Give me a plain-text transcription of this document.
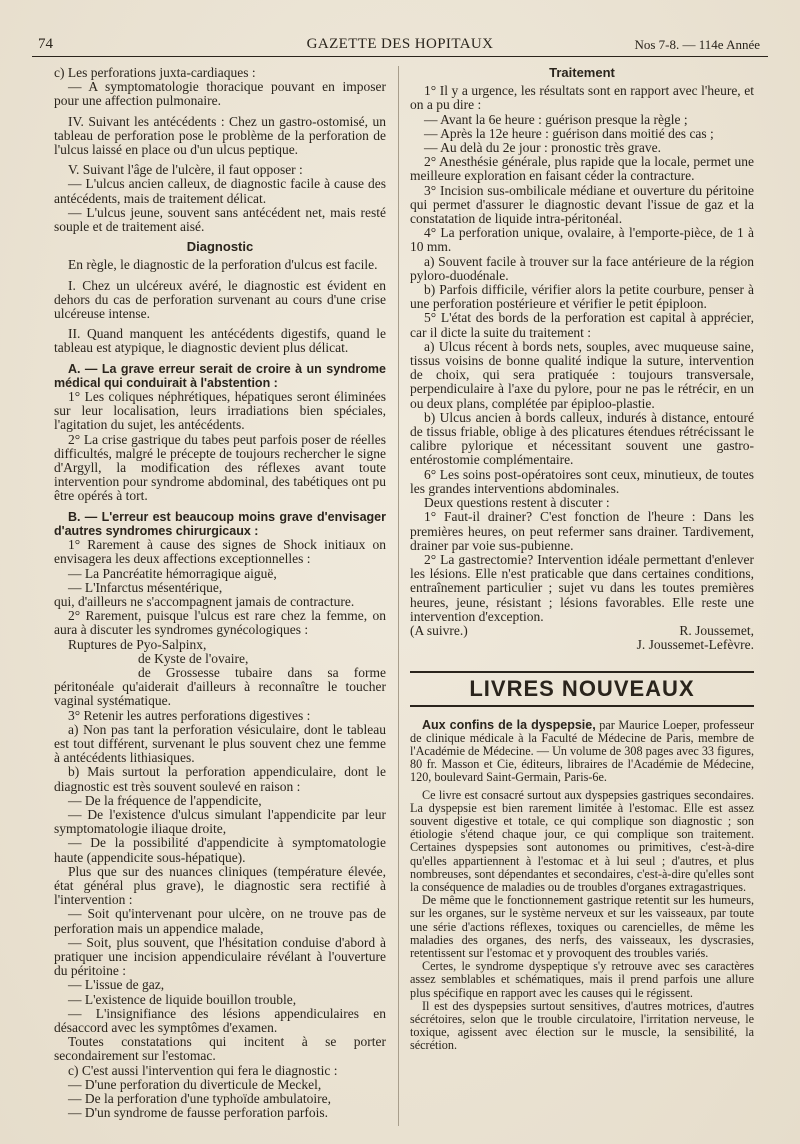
74	GAZETTE DES HOPITAUX	Nos 7-8. — 114e Année

c) Les perforations juxta-cardiaques :

— A symptomatologie thoracique pouvant en imposer pour une affection pulmonaire.

IV. Suivant les antécédents : Chez un gastro-ostomisé, un tableau de perforation pose le problème de la perforation de l'ulcus laissé en place ou d'un ulcus peptique.

V. Suivant l'âge de l'ulcère, il faut opposer :

— L'ulcus ancien calleux, de diagnostic facile à cause des antécédents, mais de traitement délicat.

— L'ulcus jeune, souvent sans antécédent net, mais resté souple et de traitement aisé.

Diagnostic

En règle, le diagnostic de la perforation d'ulcus est facile.

I. Chez un ulcéreux avéré, le diagnostic est évident en dehors du cas de perforation survenant au cours d'une crise ulcéreuse intense.

II. Quand manquent les antécédents digestifs, quand le tableau est atypique, le diagnostic devient plus délicat.

A. — La grave erreur serait de croire à un syndrome médical qui conduirait à l'abstention :

1° Les coliques néphrétiques, hépatiques seront éliminées sur leur localisation, leurs irradiations bien spéciales, l'agitation du sujet, les antécédents.

2° La crise gastrique du tabes peut parfois poser de réelles difficultés, malgré le précepte de toujours rechercher le signe d'Argyll, la modification des réflexes avant toute intervention pour syndrome abdominal, des tabétiques ont pu être opérés à tort.

B. — L'erreur est beaucoup moins grave d'envisager d'autres syndromes chirurgicaux :

1° Rarement à cause des signes de Shock initiaux on envisagera les deux affections exceptionnelles :

— La Pancréatite hémorragique aiguë,

— L'Infarctus mésentérique,

qui, d'ailleurs ne s'accompagnent jamais de contracture.

2° Rarement, puisque l'ulcus est rare chez la femme, on aura à discuter les syndromes gynécologiques :

Ruptures de Pyo-Salpinx,

de Kyste de l'ovaire,

de Grossesse tubaire dans sa forme péritonéale qu'aiderait d'ailleurs à reconnaître le toucher vaginal systématique.

3° Retenir les autres perforations digestives :

a) Non pas tant la perforation vésiculaire, dont le tableau est tout différent, survenant le plus souvent chez une femme à antécédents lithiasiques.

b) Mais surtout la perforation appendiculaire, dont le diagnostic est très souvent soulevé en raison :

— De la fréquence de l'appendicite,

— De l'existence d'ulcus simulant l'appendicite par leur symptomatologie iliaque droite,

— De la possibilité d'appendicite à symptomatologie haute (appendicite sous-hépatique).

Plus que sur des nuances cliniques (température élevée, état général plus grave), le diagnostic sera rectifié à l'intervention :

— Soit qu'intervenant pour ulcère, on ne trouve pas de perforation mais un appendice malade,

— Soit, plus souvent, que l'hésitation conduise d'abord à pratiquer une incision appendiculaire révélant à l'ouverture du péritoine :

— L'issue de gaz,

— L'existence de liquide bouillon trouble,

— L'insignifiance des lésions appendiculaires en désaccord avec les symptômes d'examen.

Toutes constatations qui incitent à se porter secondairement sur l'estomac.

c) C'est aussi l'intervention qui fera le diagnostic :

— D'une perforation du diverticule de Meckel,

— De la perforation d'une typhoïde ambulatoire,

— D'un syndrome de fausse perforation parfois.

Traitement

1° Il y a urgence, les résultats sont en rapport avec l'heure, et on a pu dire :

— Avant la 6e heure : guérison presque la règle ;

— Après la 12e heure : guérison dans moitié des cas ;

— Au delà du 2e jour : pronostic très grave.

2° Anesthésie générale, plus rapide que la locale, permet une meilleure exploration en faisant céder la contracture.

3° Incision sus-ombilicale médiane et ouverture du péritoine qui permet d'assurer le diagnostic devant l'issue de gaz et la constatation de liquide intra-péritonéal.

4° La perforation unique, ovalaire, à l'emporte-pièce, de 1 à 10 mm.

a) Souvent facile à trouver sur la face antérieure de la région pyloro-duodénale.

b) Parfois difficile, vérifier alors la petite courbure, penser à une perforation postérieure et vérifier le petit épiploon.

5° L'état des bords de la perforation est capital à apprécier, car il dicte la suite du traitement :

a) Ulcus récent à bords nets, souples, avec muqueuse saine, tissus voisins de bonne qualité indique la suture, intervention de choix, qui sera pratiquée : toujours transversale, perpendiculaire à l'axe du pylore, pour ne pas le rétrécir, en un ou deux plans, complétée par épiploo-plastie.

b) Ulcus ancien à bords calleux, indurés à distance, entouré de tissus friable, oblige à des plicatures étendues rétrécissant le calibre pylorique et nécessitant souvent une gastro-entérostomie complémentaire.

6° Les soins post-opératoires sont ceux, minutieux, de toutes les grandes interventions abdominales.

Deux questions restent à discuter :

1° Faut-il drainer? C'est fonction de l'heure : Dans les premières heures, on peut refermer sans drainer. Tardivement, drainer par voie sus-pubienne.

2° La gastrectomie? Intervention idéale permettant d'enlever les lésions. Elle n'est praticable que dans certaines conditions, entraînement particulier ; sujet vu dans les toutes premières heures, jeune, résistant ; lésions favorables. Elle reste une intervention d'exception.

(A suivre.)	R. Joussemet,

J. Joussemet-Lefèvre.

LIVRES NOUVEAUX

Aux confins de la dyspepsie, par Maurice Loeper, professeur de clinique médicale à la Faculté de Médecine de Paris, membre de l'Académie de Médecine. — Un volume de 308 pages avec 33 figures, 80 fr. Masson et Cie, éditeurs, libraires de l'Académie de Médecine, 120, boulevard Saint-Germain, Paris-6e.

Ce livre est consacré surtout aux dyspepsies gastriques secondaires. La dyspepsie est bien rarement limitée à l'estomac. Elle est assez souvent digestive et totale, ce qui complique son diagnostic ; son étiologie s'étend chaque jour, ce qui complique son traitement. Certaines dyspepsies sont autonomes ou primitives, c'est-à-dire qu'elles appartiennent à l'estomac et à lui seul ; d'autres, et plus nombreuses, sont dépendantes et secondaires, c'est-à-dire qu'elles sont la conséquence de maladies ou de troubles d'organes extragastriques.

De même que le fonctionnement gastrique retentit sur les humeurs, sur les organes, sur le système nerveux et sur les vaisseaux, par toute une série d'actions réflexes, toxiques ou carencielles, de même les maladies des organes, des nerfs, des vaisseaux, les dyscrasies, retentissent sur l'estomac et y provoquent des troubles variés.

Certes, le syndrome dyspeptique s'y retrouve avec ses caractères assez semblables et schématiques, mais il prend parfois une allure plus spécifique en rapport avec les causes qui le régissent.

Il est des dyspepsies surtout sensitives, d'autres motrices, d'autres sécrétoires, selon que le trouble circulatoire, l'irritation nerveuse, le toxique, agissent avec élection sur le muscle, la sensibilité, la sécrétion.
